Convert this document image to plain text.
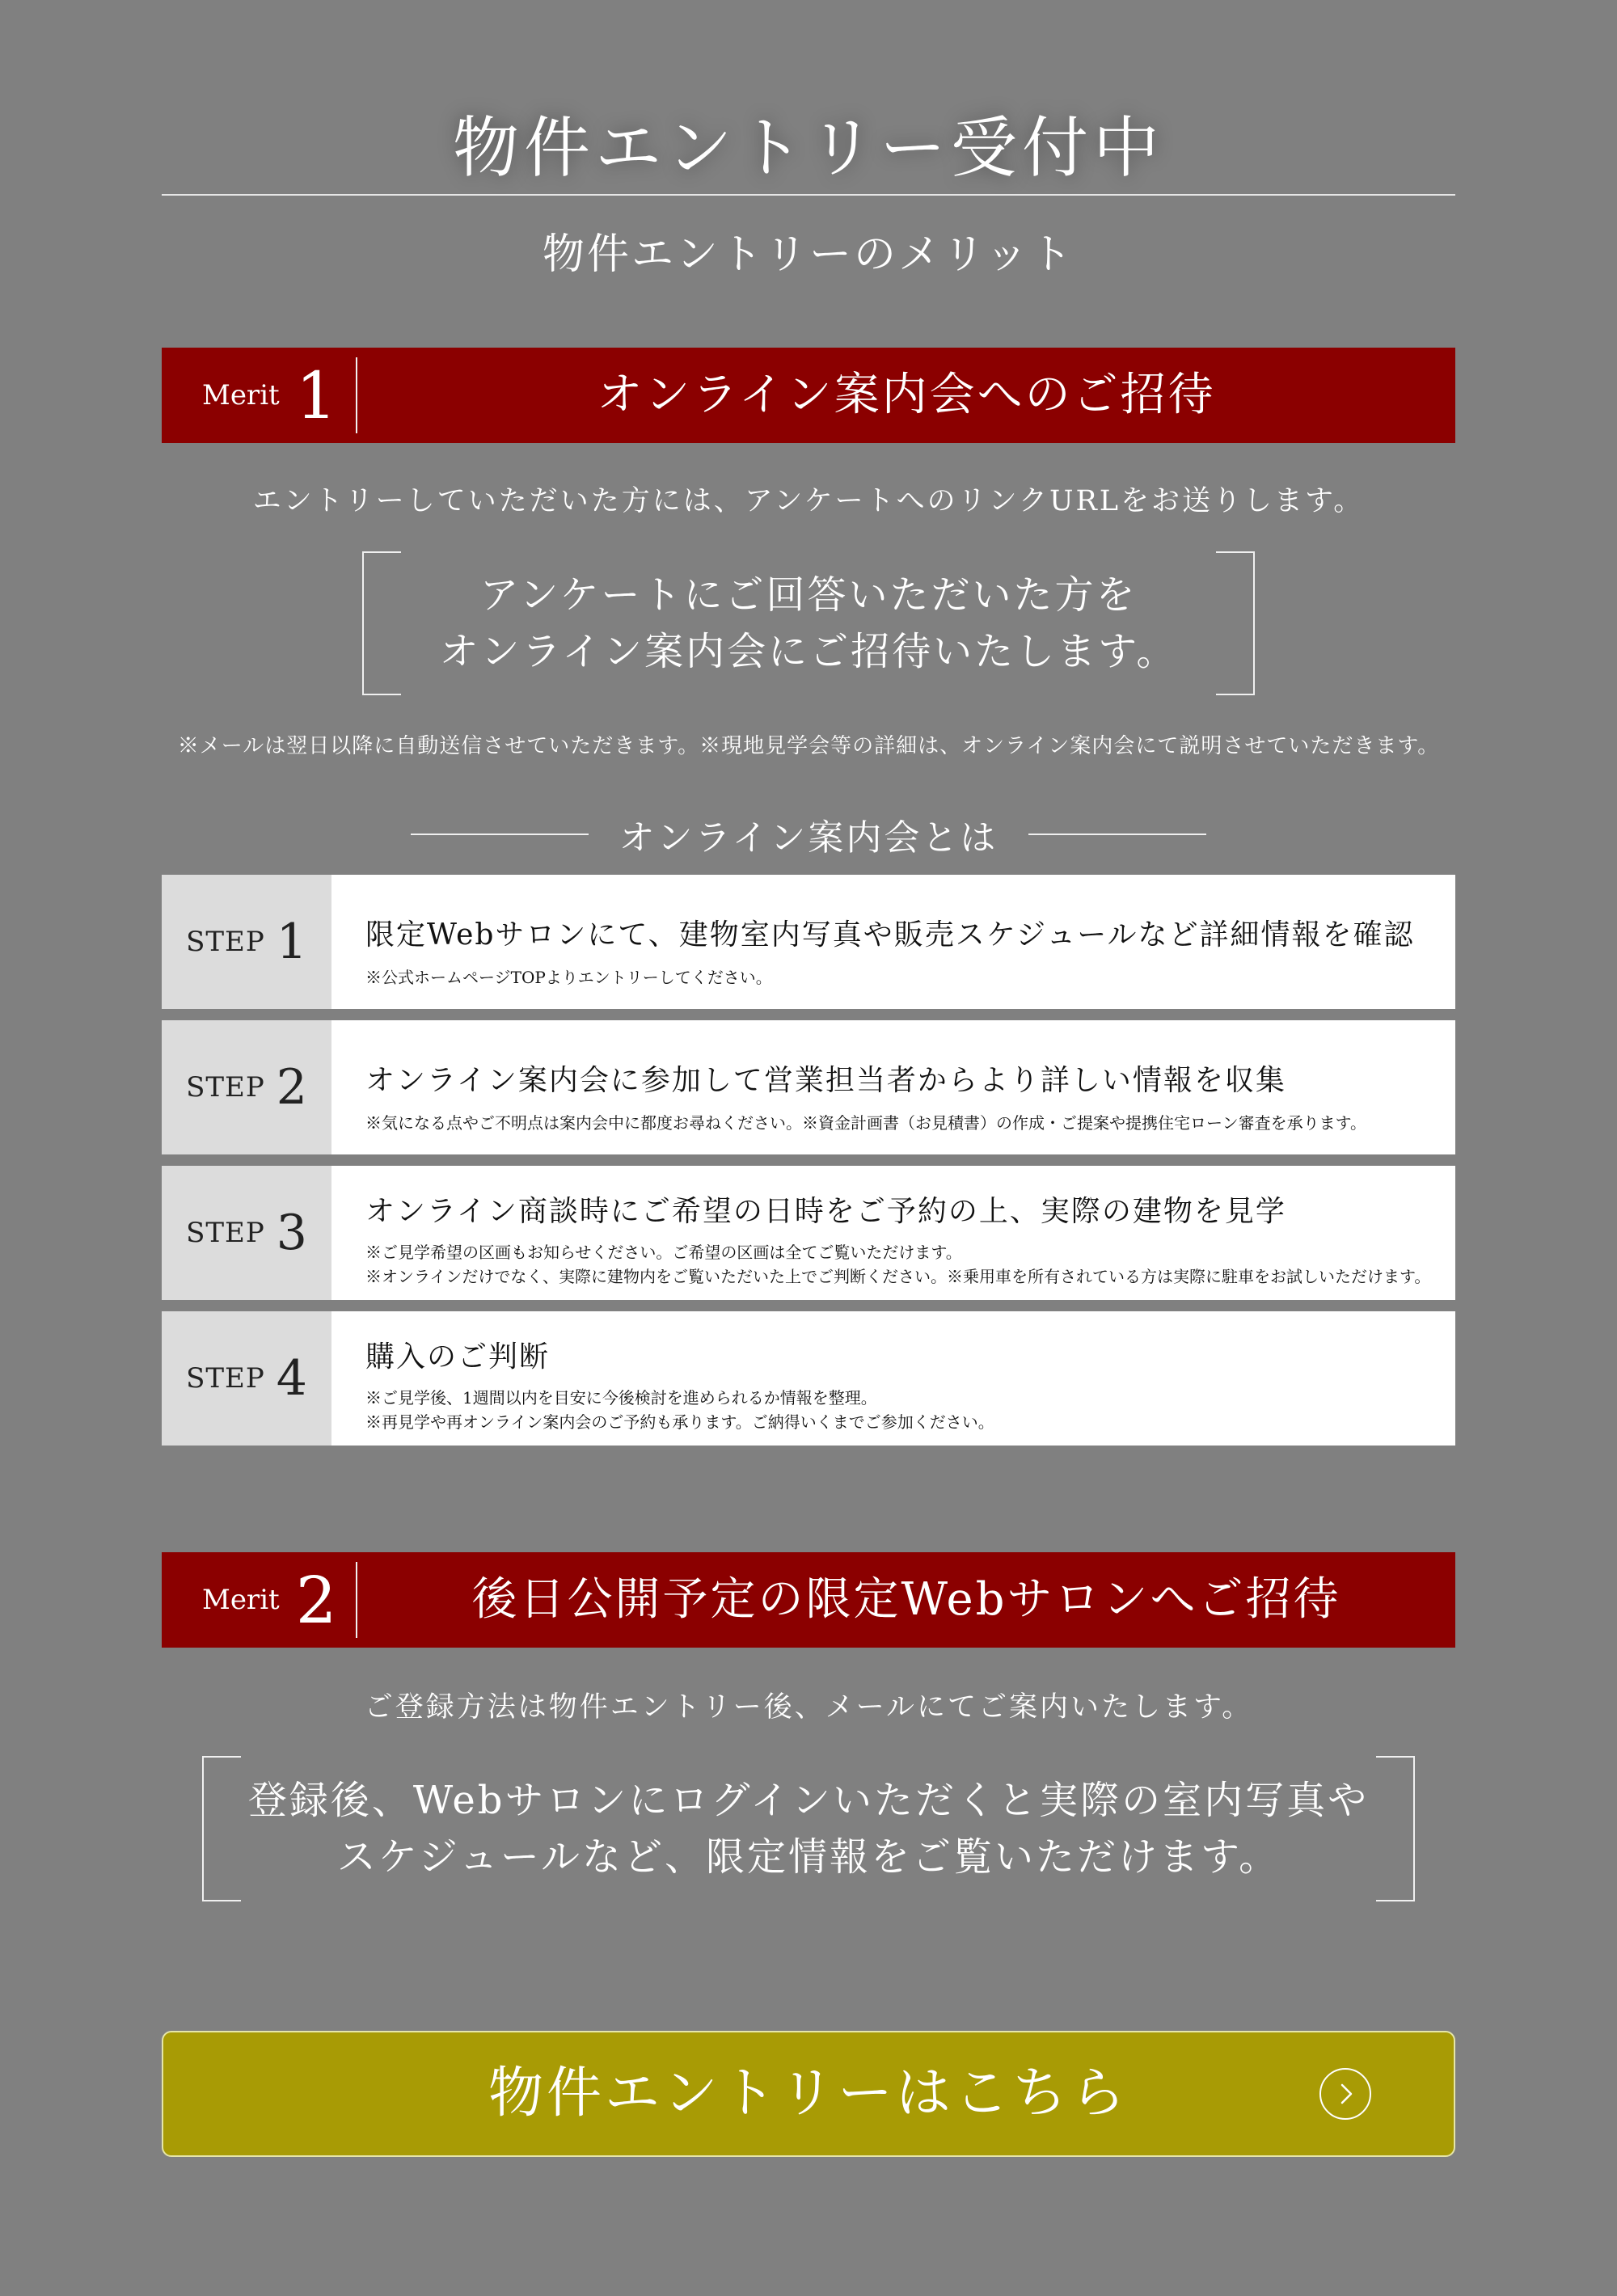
物件エントリー受付中
物件エントリーのメリット
Merit 1	オンライン案内会へのご招待
エントリーしていただいた方には、アンケートへのリンクURLをお送りします。
アンケートにご回答いただいた方を
オンライン案内会にご招待いたします。
※メールは翌日以降に自動送信させていただきます。※現地見学会等の詳細は、オンライン案内会にて説明させていただきます。
オンライン案内会とは
STEP 1 限定Webサロンにて、建物室内写真や販売スケジュールなど詳細情報を確認
※公式ホームページTOPよりエントリーしてください。
STEP 2 オンライン案内会に参加して営業担当者からより詳しい情報を収集
※気になる点やご不明点は案内会中に都度お尋ねください。※資金計画書（お見積書）の作成・ご提案や提携住宅ローン審査を承ります。
STEP 3 オンライン商談時にご希望の日時をご予約の上、実際の建物を見学
※ご見学希望の区画もお知らせください。ご希望の区画は全てご覧いただけます。
※オンラインだけでなく、実際に建物内をご覧いただいた上でご判断ください。※乗用車を所有されている方は実際に駐車をお試しいただけます。
STEP 4 購入のご判断
※ご見学後、1週間以内を目安に今後検討を進められるか情報を整理。
※再見学や再オンライン案内会のご予約も承ります。ご納得いくまでご参加ください。
Merit 2	後日公開予定の限定Webサロンへご招待
ご登録方法は物件エントリー後、メールにてご案内いたします。
登録後、Webサロンにログインいただくと実際の室内写真や
スケジュールなど、限定情報をご覧いただけます。
物件エントリーはこちら
